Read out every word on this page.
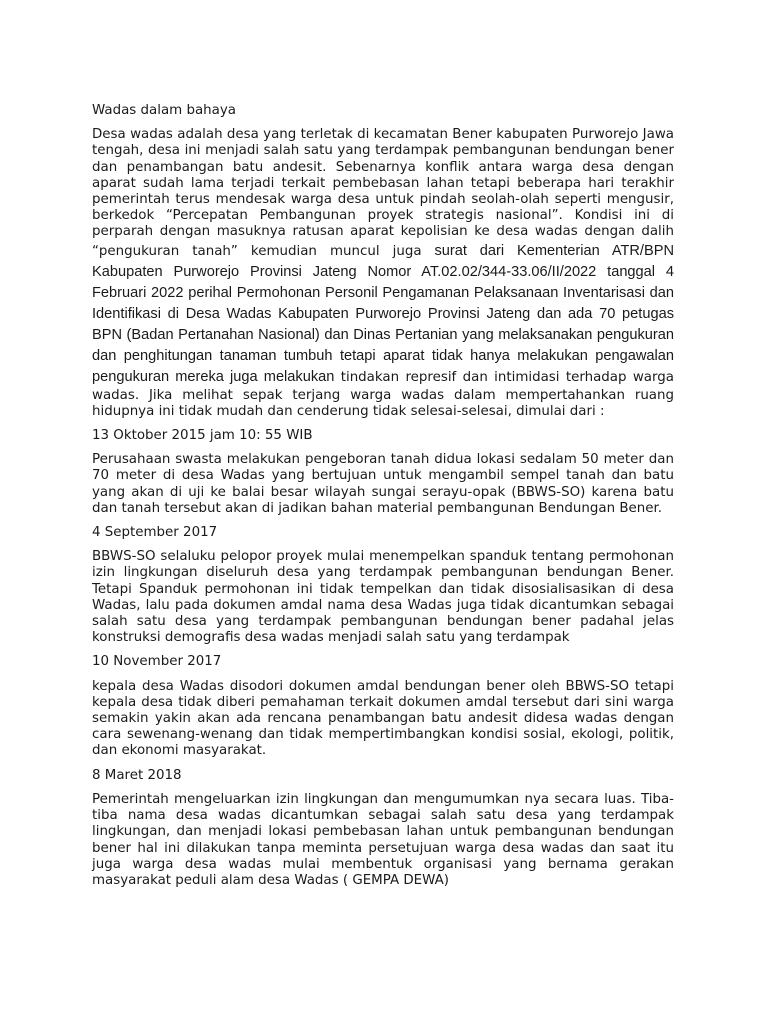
Wadas dalam bahaya

Desa wadas adalah desa yang terletak di kecamatan Bener kabupaten Purworejo Jawa tengah, desa ini menjadi salah satu yang terdampak pembangunan bendungan bener dan penambangan batu andesit. Sebenarnya konflik antara warga desa dengan aparat sudah lama terjadi terkait pembebasan lahan tetapi beberapa hari terakhir pemerintah terus mendesak warga desa untuk pindah seolah-olah seperti mengusir, berkedok “Percepatan Pembangunan proyek strategis nasional”. Kondisi ini di perparah dengan masuknya ratusan aparat kepolisian ke desa wadas dengan dalih “pengukuran tanah” kemudian muncul juga surat dari Kementerian ATR/BPN Kabupaten Purworejo Provinsi Jateng Nomor AT.02.02/344-33.06/II/2022 tanggal 4 Februari 2022 perihal Permohonan Personil Pengamanan Pelaksanaan Inventarisasi dan Identifikasi di Desa Wadas Kabupaten Purworejo Provinsi Jateng dan ada 70 petugas BPN (Badan Pertanahan Nasional) dan Dinas Pertanian yang melaksanakan pengukuran dan penghitungan tanaman tumbuh tetapi aparat tidak hanya melakukan pengawalan pengukuran mereka juga melakukan tindakan represif dan intimidasi terhadap warga wadas. Jika melihat sepak terjang warga wadas dalam mempertahankan ruang hidupnya ini tidak mudah dan cenderung tidak selesai-selesai, dimulai dari :

13 Oktober 2015 jam 10: 55 WIB

Perusahaan swasta melakukan pengeboran tanah didua lokasi sedalam 50 meter dan 70 meter di desa Wadas yang bertujuan untuk mengambil sempel tanah dan batu yang akan di uji ke balai besar wilayah sungai serayu-opak (BBWS-SO) karena batu dan tanah tersebut akan di jadikan bahan material pembangunan Bendungan Bener.

4 September 2017

BBWS-SO selaluku pelopor proyek mulai menempelkan spanduk tentang permohonan izin lingkungan diseluruh desa yang terdampak pembangunan bendungan Bener. Tetapi Spanduk permohonan ini tidak tempelkan dan tidak disosialisasikan di desa Wadas, lalu pada dokumen amdal nama desa Wadas juga tidak dicantumkan sebagai salah satu desa yang terdampak pembangunan bendungan bener padahal jelas konstruksi demografis desa wadas menjadi salah satu yang terdampak

10 November 2017

kepala desa Wadas disodori dokumen amdal bendungan bener oleh BBWS-SO tetapi kepala desa tidak diberi pemahaman terkait dokumen amdal tersebut dari sini warga semakin yakin akan ada rencana penambangan batu andesit didesa wadas dengan cara sewenang-wenang dan tidak mempertimbangkan kondisi sosial, ekologi, politik, dan ekonomi masyarakat.

8 Maret 2018

Pemerintah mengeluarkan izin lingkungan dan mengumumkan nya secara luas. Tiba-tiba nama desa wadas dicantumkan sebagai salah satu desa yang terdampak lingkungan, dan menjadi lokasi pembebasan lahan untuk pembangunan bendungan bener hal ini dilakukan tanpa meminta persetujuan warga desa wadas dan saat itu juga warga desa wadas mulai membentuk organisasi yang bernama gerakan masyarakat peduli alam desa Wadas ( GEMPA DEWA)
